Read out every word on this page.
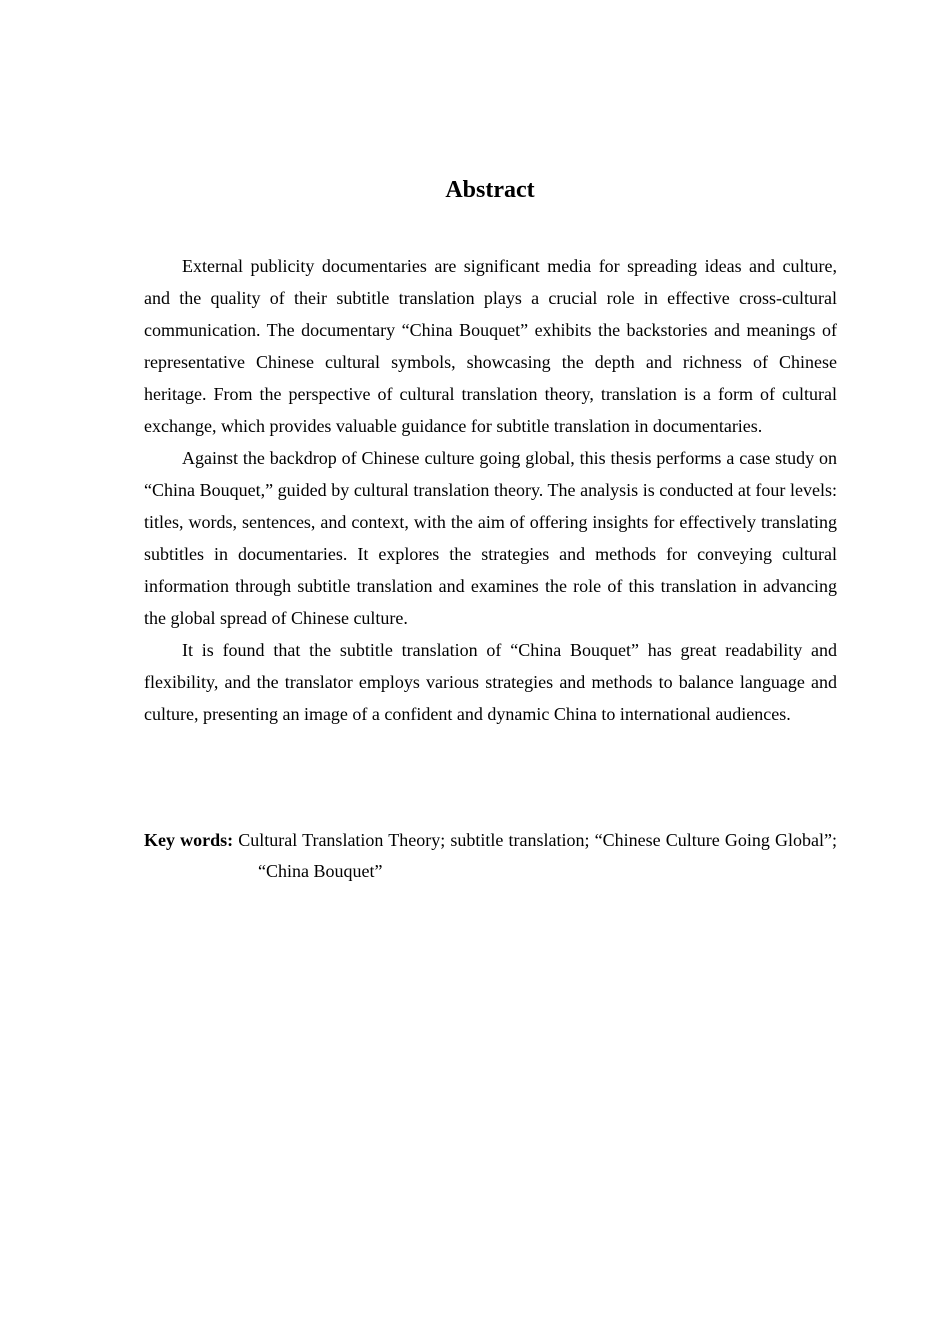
Abstract

External publicity documentaries are significant media for spreading ideas and culture, and the quality of their subtitle translation plays a crucial role in effective cross-cultural communication. The documentary “China Bouquet” exhibits the backstories and meanings of representative Chinese cultural symbols, showcasing the depth and richness of Chinese heritage. From the perspective of cultural translation theory, translation is a form of cultural exchange, which provides valuable guidance for subtitle translation in documentaries.

Against the backdrop of Chinese culture going global, this thesis performs a case study on “China Bouquet,” guided by cultural translation theory. The analysis is conducted at four levels: titles, words, sentences, and context, with the aim of offering insights for effectively translating subtitles in documentaries. It explores the strategies and methods for conveying cultural information through subtitle translation and examines the role of this translation in advancing the global spread of Chinese culture.

It is found that the subtitle translation of “China Bouquet” has great readability and flexibility, and the translator employs various strategies and methods to balance language and culture, presenting an image of a confident and dynamic China to international audiences.

Key words: Cultural Translation Theory; subtitle translation; “Chinese Culture Going Global”; “China Bouquet”
